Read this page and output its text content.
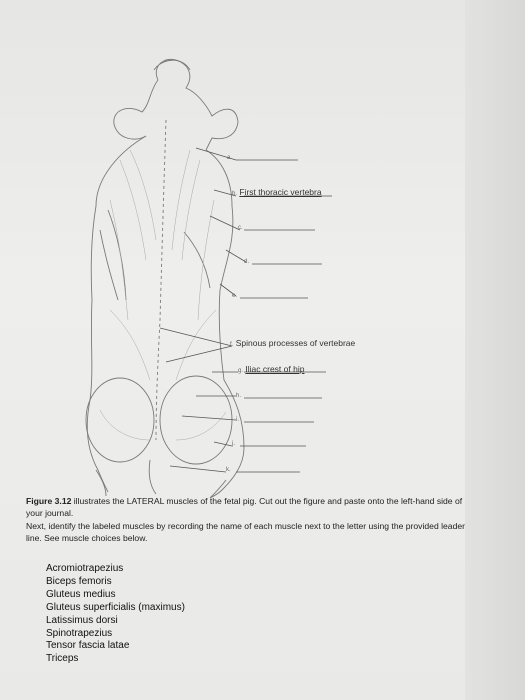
a.
b. First thoracic vertebra
c.
d.
e.
f. Spinous processes of vertebrae
g. Iliac crest of hip
h.
i.
j.
k.

Figure 3.12 illustrates the LATERAL muscles of the fetal pig. Cut out the figure and paste onto the left-hand side of your journal.

Next, identify the labeled muscles by recording the name of each muscle next to the letter using the provided leader line. See muscle choices below.

Acromiotrapezius
Biceps femoris
Gluteus medius
Gluteus superficialis (maximus)
Latissimus dorsi
Spinotrapezius
Tensor fascia latae
Triceps
